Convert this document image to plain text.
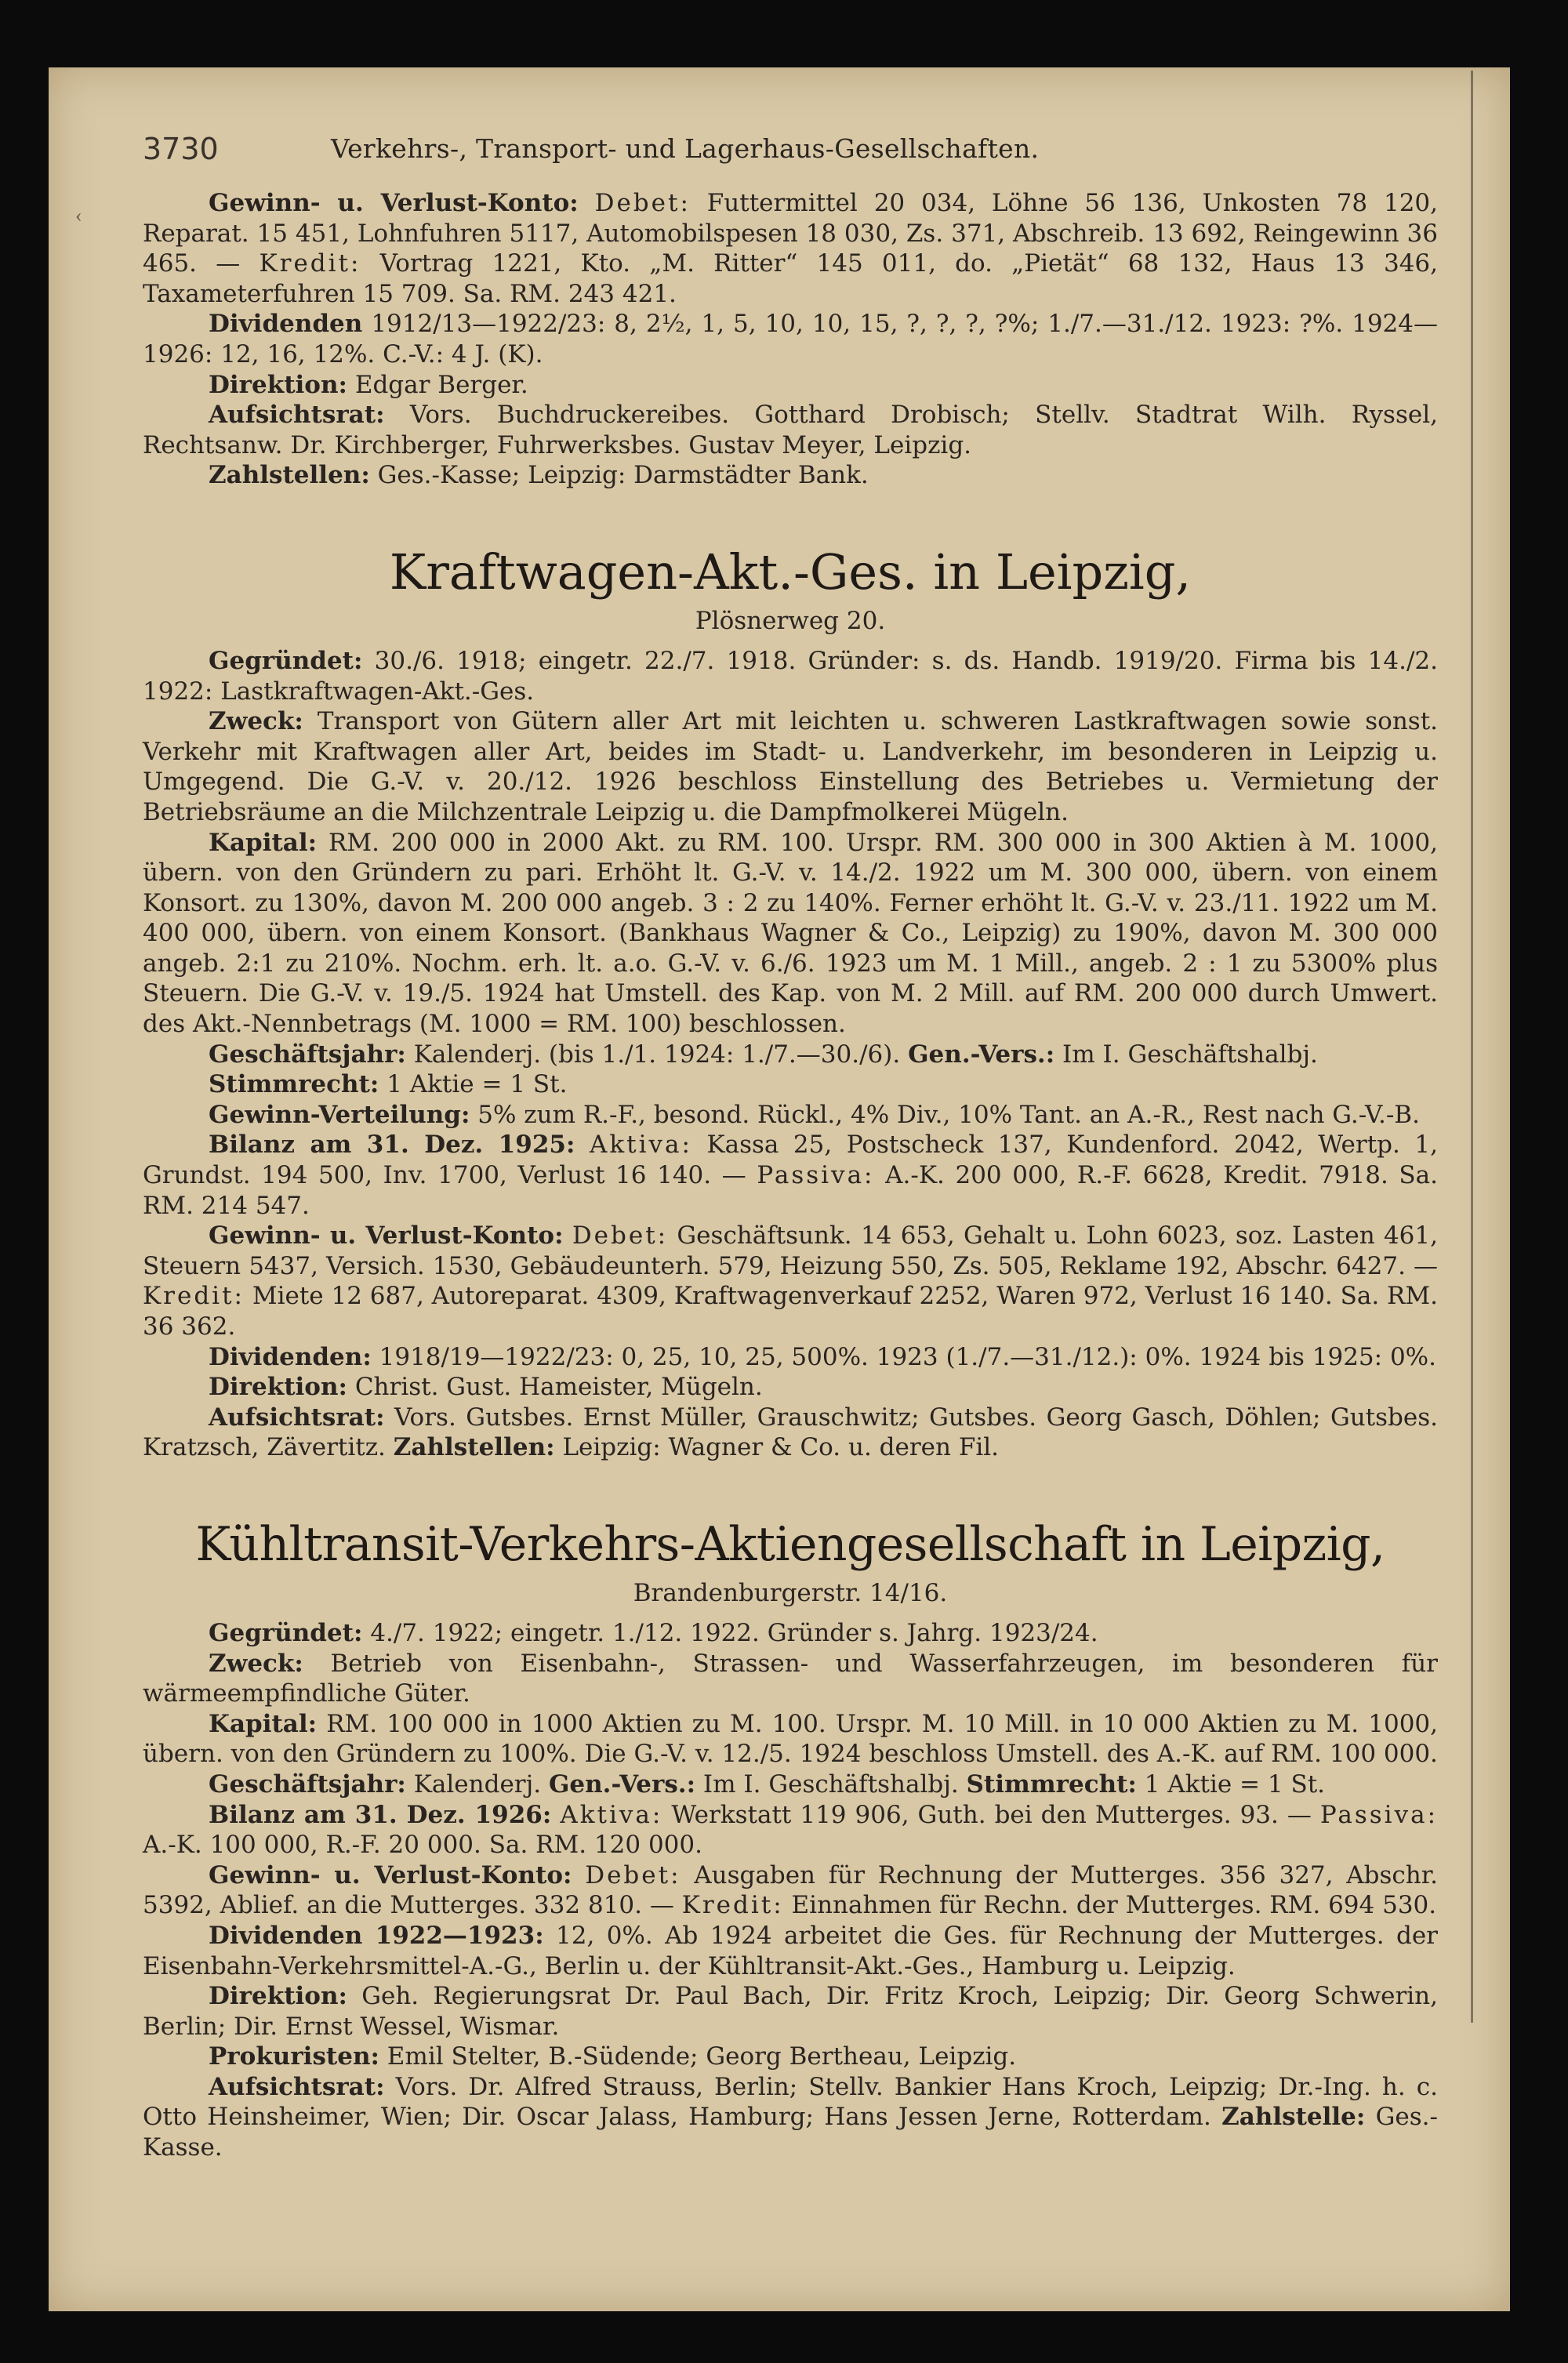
‹
3730	Verkehrs-, Transport- und Lagerhaus-Gesellschaften.

Gewinn- u. Verlust-Konto: Debet: Futtermittel 20 034, Löhne 56 136, Unkosten 78 120, Reparat. 15 451, Lohnfuhren 5117, Automobilspesen 18 030, Zs. 371, Abschreib. 13 692, Reingewinn 36 465. — Kredit: Vortrag 1221, Kto. „M. Ritter“ 145 011, do. „Pietät“ 68 132, Haus 13 346, Taxameterfuhren 15 709. Sa. RM. 243 421.

Dividenden 1912/13—1922/23: 8, 2½, 1, 5, 10, 10, 15, ?, ?, ?, ?%; 1./7.—31./12. 1923: ?%. 1924—1926: 12, 16, 12%. C.-V.: 4 J. (K).

Direktion: Edgar Berger.

Aufsichtsrat: Vors. Buchdruckereibes. Gotthard Drobisch; Stellv. Stadtrat Wilh. Ryssel, Rechtsanw. Dr. Kirchberger, Fuhrwerksbes. Gustav Meyer, Leipzig.

Zahlstellen: Ges.-Kasse; Leipzig: Darmstädter Bank.

Kraftwagen-Akt.-Ges. in Leipzig,
Plösnerweg 20.

Gegründet: 30./6. 1918; eingetr. 22./7. 1918. Gründer: s. ds. Handb. 1919/20. Firma bis 14./2. 1922: Lastkraftwagen-Akt.-Ges.

Zweck: Transport von Gütern aller Art mit leichten u. schweren Lastkraftwagen sowie sonst. Verkehr mit Kraftwagen aller Art, beides im Stadt- u. Landverkehr, im besonderen in Leipzig u. Umgegend. Die G.-V. v. 20./12. 1926 beschloss Einstellung des Betriebes u. Vermietung der Betriebsräume an die Milchzentrale Leipzig u. die Dampfmolkerei Mügeln.

Kapital: RM. 200 000 in 2000 Akt. zu RM. 100. Urspr. RM. 300 000 in 300 Aktien à M. 1000, übern. von den Gründern zu pari. Erhöht lt. G.-V. v. 14./2. 1922 um M. 300 000, übern. von einem Konsort. zu 130%, davon M. 200 000 angeb. 3 : 2 zu 140%. Ferner erhöht lt. G.-V. v. 23./11. 1922 um M. 400 000, übern. von einem Konsort. (Bankhaus Wagner & Co., Leipzig) zu 190%, davon M. 300 000 angeb. 2:1 zu 210%. Nochm. erh. lt. a.o. G.-V. v. 6./6. 1923 um M. 1 Mill., angeb. 2 : 1 zu 5300% plus Steuern. Die G.-V. v. 19./5. 1924 hat Umstell. des Kap. von M. 2 Mill. auf RM. 200 000 durch Umwert. des Akt.-Nennbetrags (M. 1000 = RM. 100) beschlossen.

Geschäftsjahr: Kalenderj. (bis 1./1. 1924: 1./7.—30./6). Gen.-Vers.: Im I. Geschäftshalbj.

Stimmrecht: 1 Aktie = 1 St.

Gewinn-Verteilung: 5% zum R.-F., besond. Rückl., 4% Div., 10% Tant. an A.-R., Rest nach G.-V.-B.

Bilanz am 31. Dez. 1925: Aktiva: Kassa 25, Postscheck 137, Kundenford. 2042, Wertp. 1, Grundst. 194 500, Inv. 1700, Verlust 16 140. — Passiva: A.-K. 200 000, R.-F. 6628, Kredit. 7918. Sa. RM. 214 547.

Gewinn- u. Verlust-Konto: Debet: Geschäftsunk. 14 653, Gehalt u. Lohn 6023, soz. Lasten 461, Steuern 5437, Versich. 1530, Gebäudeunterh. 579, Heizung 550, Zs. 505, Reklame 192, Abschr. 6427. — Kredit: Miete 12 687, Autoreparat. 4309, Kraftwagenverkauf 2252, Waren 972, Verlust 16 140. Sa. RM. 36 362.

Dividenden: 1918/19—1922/23: 0, 25, 10, 25, 500%. 1923 (1./7.—31./12.): 0%. 1924 bis 1925: 0%.

Direktion: Christ. Gust. Hameister, Mügeln.

Aufsichtsrat: Vors. Gutsbes. Ernst Müller, Grauschwitz; Gutsbes. Georg Gasch, Döhlen; Gutsbes. Kratzsch, Zävertitz. Zahlstellen: Leipzig: Wagner & Co. u. deren Fil.

Kühltransit-Verkehrs-Aktiengesellschaft in Leipzig,
Brandenburgerstr. 14/16.

Gegründet: 4./7. 1922; eingetr. 1./12. 1922. Gründer s. Jahrg. 1923/24.

Zweck: Betrieb von Eisenbahn-, Strassen- und Wasserfahrzeugen, im besonderen für wärmeempfindliche Güter.

Kapital: RM. 100 000 in 1000 Aktien zu M. 100. Urspr. M. 10 Mill. in 10 000 Aktien zu M. 1000, übern. von den Gründern zu 100%. Die G.-V. v. 12./5. 1924 beschloss Umstell. des A.-K. auf RM. 100 000.

Geschäftsjahr: Kalenderj. Gen.-Vers.: Im I. Geschäftshalbj. Stimmrecht: 1 Aktie = 1 St.

Bilanz am 31. Dez. 1926: Aktiva: Werkstatt 119 906, Guth. bei den Mutterges. 93. — Passiva: A.-K. 100 000, R.-F. 20 000. Sa. RM. 120 000.

Gewinn- u. Verlust-Konto: Debet: Ausgaben für Rechnung der Mutterges. 356 327, Abschr. 5392, Ablief. an die Mutterges. 332 810. — Kredit: Einnahmen für Rechn. der Mutterges. RM. 694 530.

Dividenden 1922—1923: 12, 0%. Ab 1924 arbeitet die Ges. für Rechnung der Mutterges. der Eisenbahn-Verkehrsmittel-A.-G., Berlin u. der Kühltransit-Akt.-Ges., Hamburg u. Leipzig.

Direktion: Geh. Regierungsrat Dr. Paul Bach, Dir. Fritz Kroch, Leipzig; Dir. Georg Schwerin, Berlin; Dir. Ernst Wessel, Wismar.

Prokuristen: Emil Stelter, B.-Südende; Georg Bertheau, Leipzig.

Aufsichtsrat: Vors. Dr. Alfred Strauss, Berlin; Stellv. Bankier Hans Kroch, Leipzig; Dr.-Ing. h. c. Otto Heinsheimer, Wien; Dir. Oscar Jalass, Hamburg; Hans Jessen Jerne, Rotterdam. Zahlstelle: Ges.-Kasse.
